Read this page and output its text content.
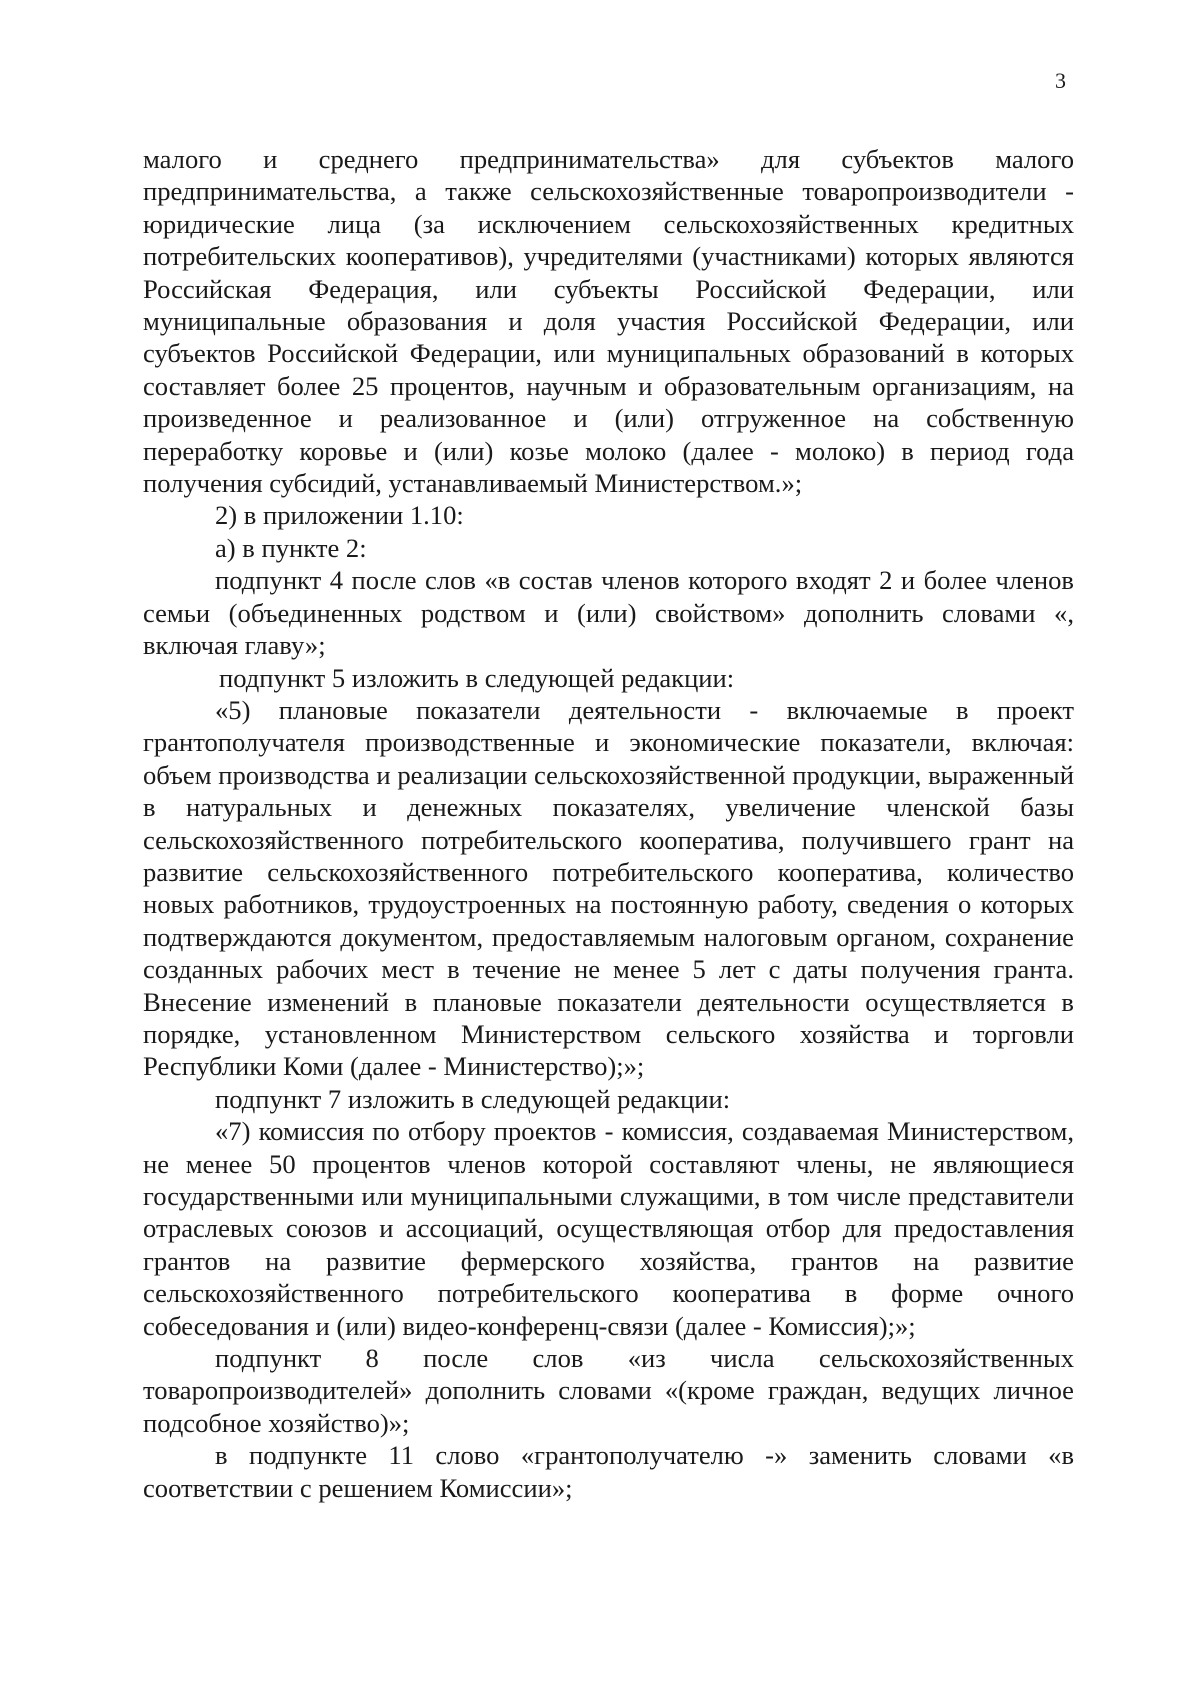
3

малого и среднего предпринимательства» для субъектов малого предпринимательства, а также сельскохозяйственные товаропроизводители - юридические лица (за исключением сельскохозяйственных кредитных потребительских кооперативов), учредителями (участниками) которых являются Российская Федерация, или субъекты Российской Федерации, или муниципальные образования и доля участия Российской Федерации, или субъектов Российской Федерации, или муниципальных образований в которых составляет более 25 процентов, научным и образовательным организациям, на произведенное и реализованное и (или) отгруженное на собственную переработку коровье и (или) козье молоко (далее - молоко) в период года получения субсидий, устанавливаемый Министерством.»;

2) в приложении 1.10:

а) в пункте 2:

подпункт 4 после слов «в состав членов которого входят 2 и более членов семьи (объединенных родством и (или) свойством» дополнить словами «, включая главу»;

подпункт 5 изложить в следующей редакции:

«5) плановые показатели деятельности - включаемые в проект грантополучателя производственные и экономические показатели, включая: объем производства и реализации сельскохозяйственной продукции, выраженный в натуральных и денежных показателях, увеличение членской базы сельскохозяйственного потребительского кооператива, получившего грант на развитие сельскохозяйственного потребительского кооператива, количество новых работников, трудоустроенных на постоянную работу, сведения о которых подтверждаются документом, предоставляемым налоговым органом, сохранение созданных рабочих мест в течение не менее 5 лет с даты получения гранта. Внесение изменений в плановые показатели деятельности осуществляется в порядке, установленном Министерством сельского хозяйства и торговли Республики Коми (далее - Министерство);»;

подпункт 7 изложить в следующей редакции:

«7) комиссия по отбору проектов - комиссия, создаваемая Министерством, не менее 50 процентов членов которой составляют члены, не являющиеся государственными или муниципальными служащими, в том числе представители отраслевых союзов и ассоциаций, осуществляющая отбор для предоставления грантов на развитие фермерского хозяйства, грантов на развитие сельскохозяйственного потребительского кооператива в форме очного собеседования и (или) видео-конференц-связи (далее - Комиссия);»;

подпункт 8 после слов «из числа сельскохозяйственных товаропроизводителей» дополнить словами «(кроме граждан, ведущих личное подсобное хозяйство)»;

в подпункте 11 слово «грантополучателю -» заменить словами «в соответствии с решением Комиссии»;
